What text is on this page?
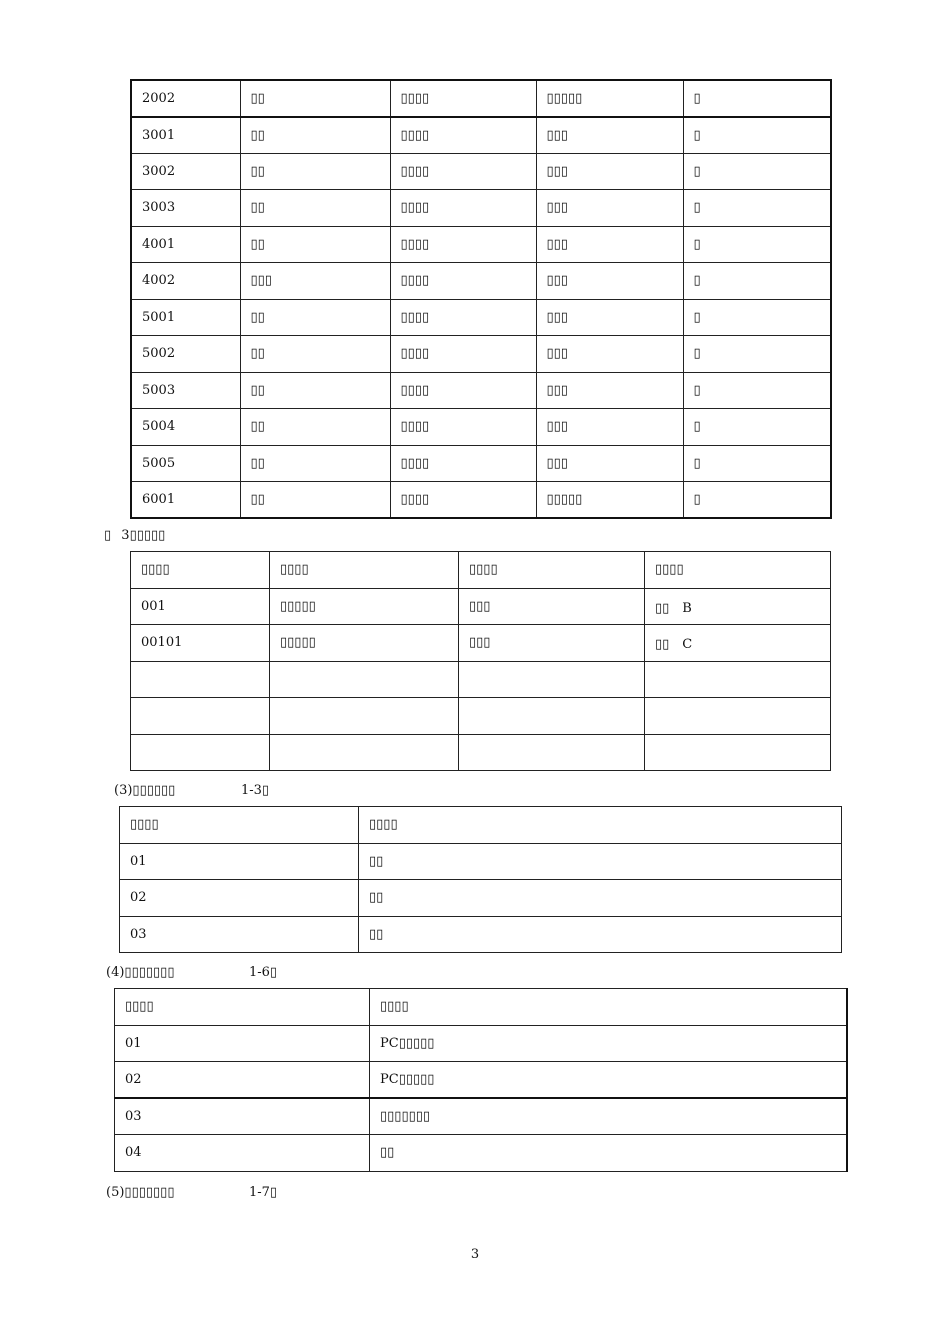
2002	▯▯	▯▯▯▯	▯▯▯▯▯	▯
3001	▯▯	▯▯▯▯	▯▯▯	▯
3002	▯▯	▯▯▯▯	▯▯▯	▯
3003	▯▯	▯▯▯▯	▯▯▯	▯
4001	▯▯	▯▯▯▯	▯▯▯	▯
4002	▯▯▯	▯▯▯▯	▯▯▯	▯
5001	▯▯	▯▯▯▯	▯▯▯	▯
5002	▯▯	▯▯▯▯	▯▯▯	▯
5003	▯▯	▯▯▯▯	▯▯▯	▯
5004	▯▯	▯▯▯▯	▯▯▯	▯
5005	▯▯	▯▯▯▯	▯▯▯	▯
6001	▯▯	▯▯▯▯	▯▯▯▯▯	▯
▯ 3▯▯▯▯▯
▯▯▯▯	▯▯▯▯	▯▯▯▯	▯▯▯▯
001	▯▯▯▯▯	▯▯▯	▯▯　B
00101	▯▯▯▯▯	▯▯▯	▯▯　C

(3)▯▯▯▯▯▯	1-3▯
▯▯▯▯	▯▯▯▯
01	▯▯
02	▯▯
03	▯▯
(4)▯▯▯▯▯▯▯	1-6▯
▯▯▯▯	▯▯▯▯
01	PC▯▯▯▯▯
02	PC▯▯▯▯▯
03	▯▯▯▯▯▯▯
04	▯▯
(5)▯▯▯▯▯▯▯	1-7▯
3
